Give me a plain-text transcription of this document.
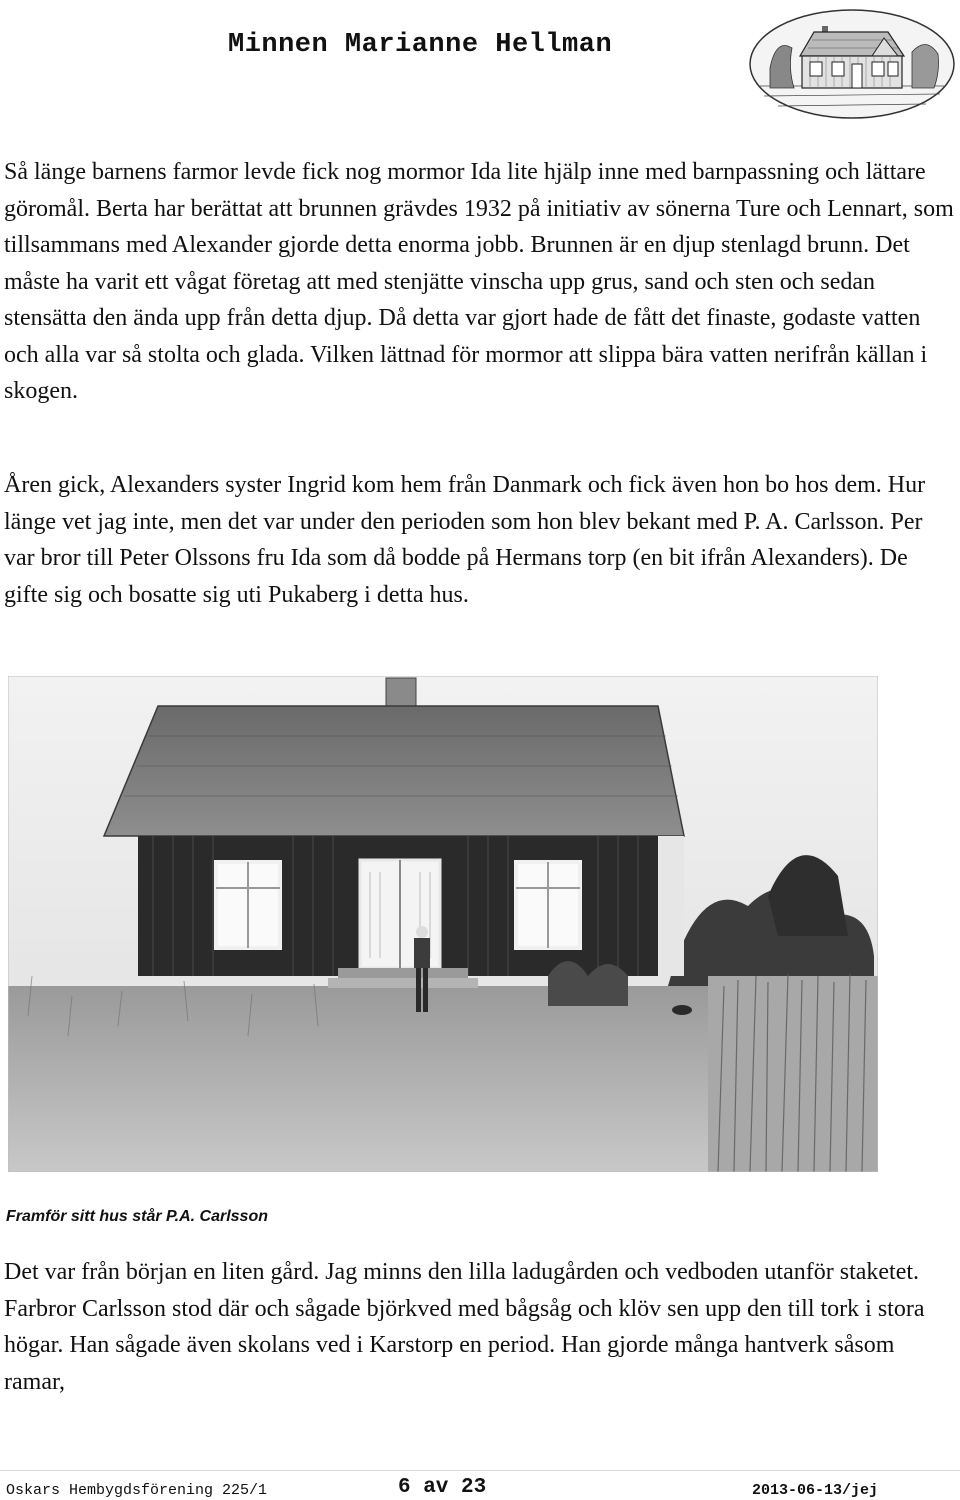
Minnen Marianne Hellman

Så länge barnens farmor levde fick nog mormor Ida lite hjälp inne med barnpassning och lättare göromål. Berta har berättat att brunnen grävdes 1932 på initiativ av sönerna Ture och Lennart, som tillsammans med Alexander gjorde detta enorma jobb. Brunnen är en djup stenlagd brunn. Det måste ha varit ett vågat företag att med stenjätte vinscha upp grus, sand och sten och sedan stensätta den ända upp från detta djup. Då detta var gjort hade de fått det finaste, godaste vatten och alla var så stolta och glada. Vilken lättnad för mormor att slippa bära vatten nerifrån källan i skogen.

Åren gick, Alexanders syster Ingrid kom hem från Danmark och fick även hon bo hos dem. Hur länge vet jag inte, men det var under den perioden som hon blev bekant med P. A. Carlsson. Per var bror till Peter Olssons fru Ida som då bodde på Hermans torp (en bit ifrån Alexanders). De gifte sig och bosatte sig uti Pukaberg i detta hus.

Framför sitt hus står P.A. Carlsson

Det var från början en liten gård. Jag minns den lilla ladugården och vedboden utanför staketet. Farbror Carlsson stod där och sågade björkved med bågsåg och klöv sen upp den till tork i stora högar. Han sågade även skolans ved i Karstorp en period. Han gjorde många hantverk såsom ramar,

Oskars Hembygdsförening 225/1	6 av 23	2013-06-13/jej
